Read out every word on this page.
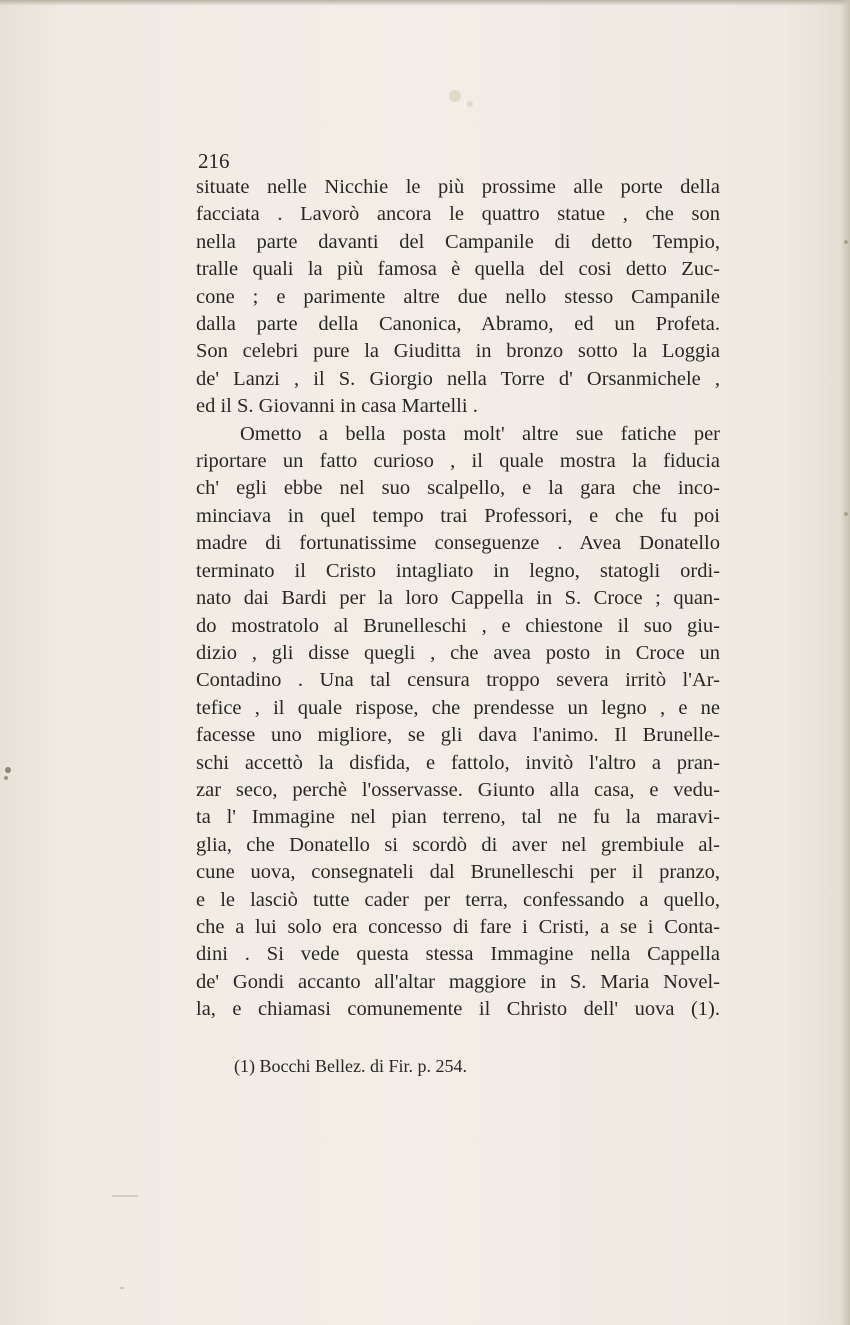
216
situate nelle Nicchie le più prossime alle porte della
facciata . Lavorò ancora le quattro statue , che son
nella parte davanti del Campanile di detto Tempio,
tralle quali la più famosa è quella del cosi detto Zuc-
cone ; e parimente altre due nello stesso Campanile
dalla parte della Canonica, Abramo, ed un Profeta.
Son celebri pure la Giuditta in bronzo sotto la Loggia
de' Lanzi , il S. Giorgio nella Torre d' Orsanmichele ,
ed il S. Giovanni in casa Martelli .
Ometto a bella posta molt' altre sue fatiche per
riportare un fatto curioso , il quale mostra la fiducia
ch' egli ebbe nel suo scalpello, e la gara che inco-
minciava in quel tempo trai Professori, e che fu poi
madre di fortunatissime conseguenze . Avea Donatello
terminato il Cristo intagliato in legno, statogli ordi-
nato dai Bardi per la loro Cappella in S. Croce ; quan-
do mostratolo al Brunelleschi , e chiestone il suo giu-
dizio , gli disse quegli , che avea posto in Croce un
Contadino . Una tal censura troppo severa irritò l'Ar-
tefice , il quale rispose, che prendesse un legno , e ne
facesse uno migliore, se gli dava l'animo. Il Brunelle-
schi accettò la disfida, e fattolo, invitò l'altro a pran-
zar seco, perchè l'osservasse. Giunto alla casa, e vedu-
ta l' Immagine nel pian terreno, tal ne fu la maravi-
glia, che Donatello si scordò di aver nel grembiule al-
cune uova, consegnateli dal Brunelleschi per il pranzo,
e le lasciò tutte cader per terra, confessando a quello,
che a lui solo era concesso di fare i Cristi, a se i Conta-
dini . Si vede questa stessa Immagine nella Cappella
de' Gondi accanto all'altar maggiore in S. Maria Novel-
la, e chiamasi comunemente il Christo dell' uova (1).
(1) Bocchi Bellez. di Fir. p. 254.
